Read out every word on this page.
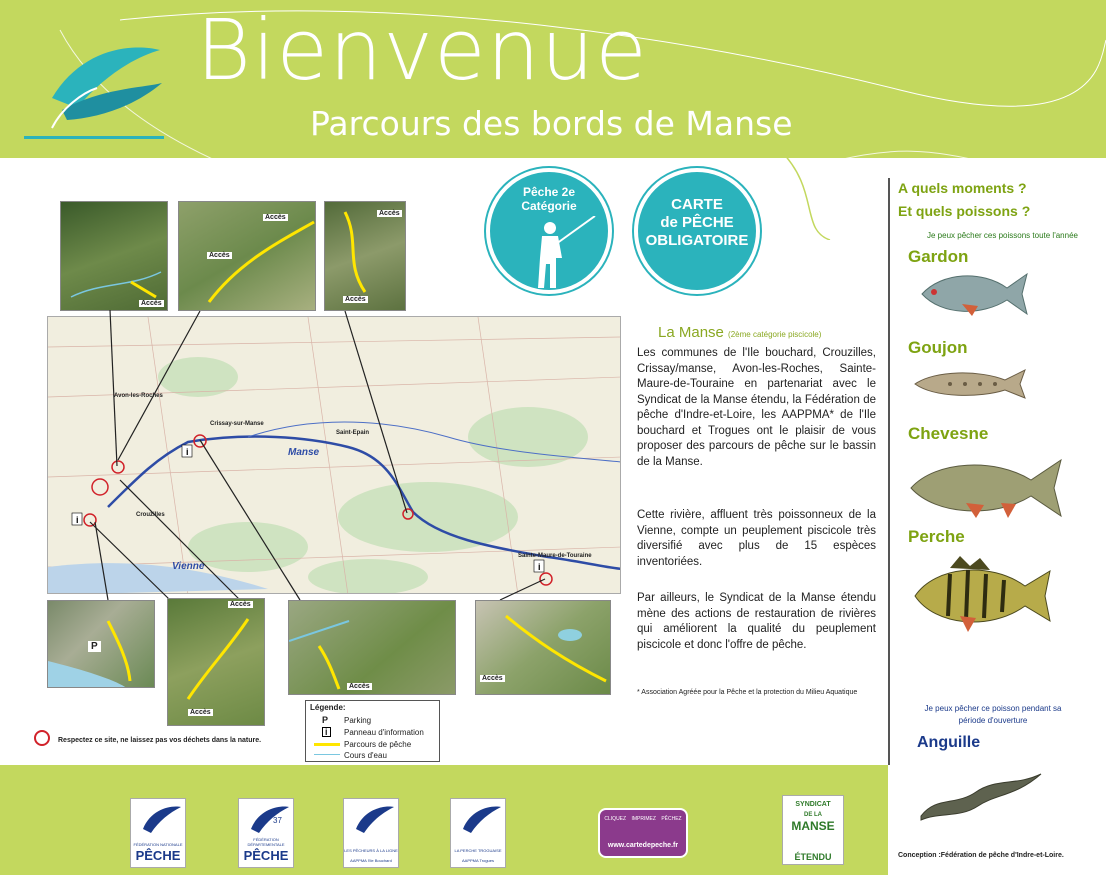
Bienvenue
Parcours des bords de Manse
Pêche 2e Catégorie	CARTE
de PÊCHE
OBLIGATOIRE
Accès
Accès
Accès
Accès
Accès
i
i
i
Avon-les-Roches
Crissay-sur-Manse
Saint-Epain
Manse
Crouzilles
Vienne
Sainte-Maure-de-Touraine
P
Accès
Accès
Accès
Accès
Légende:
P Parking
i	Panneau d'information
Parcours de pêche
Cours d'eau
Respectez ce site, ne laissez pas vos déchets dans la nature.
La Manse (2ème catégorie piscicole)
Les communes de l'Ile bouchard, Crouzilles, Crissay/manse, Avon-les-Roches, Sainte-Maure-de-Touraine en partenariat avec le Syndicat de la Manse étendu, la Fédération de pêche d'Indre-et-Loire, les AAPPMA* de l'Ile bouchard et Trogues ont le plaisir de vous proposer des parcours de pêche sur le bassin de la Manse.
Cette rivière, affluent très poissonneux de la Vienne, compte un peuplement piscicole très diversifié avec plus de 15 espèces inventoriées.
Par ailleurs, le Syndicat de la Manse étendu mène des actions de restauration de rivières qui améliorent la qualité du peuplement piscicole et donc l'offre de pêche.
* Association Agréée pour la Pêche et la protection du Milieu Aquatique
A quels moments ?
Et quels poissons ?
Je peux pêcher ces poissons toute l'année
Gardon
Goujon
Chevesne
Perche
Je peux pêcher ce poisson pendant sa période d'ouverture
Anguille
Conception :Fédération de pêche d'Indre-et-Loire.
FÉDÉRATION NATIONALE
PÊCHE
37
FÉDÉRATION DÉPARTEMENTALE
PÊCHE	LES PÊCHEURS À LA LIGNE
AAPPMA l'Ile Bouchard
LA PERCHE TROGUAISE
AAPPMA Trogues
CLIQUEZ IMPRIMEZ PÊCHEZ
www.cartedepeche.fr
SYNDICAT
DE LA
MANSE
ÉTENDU
